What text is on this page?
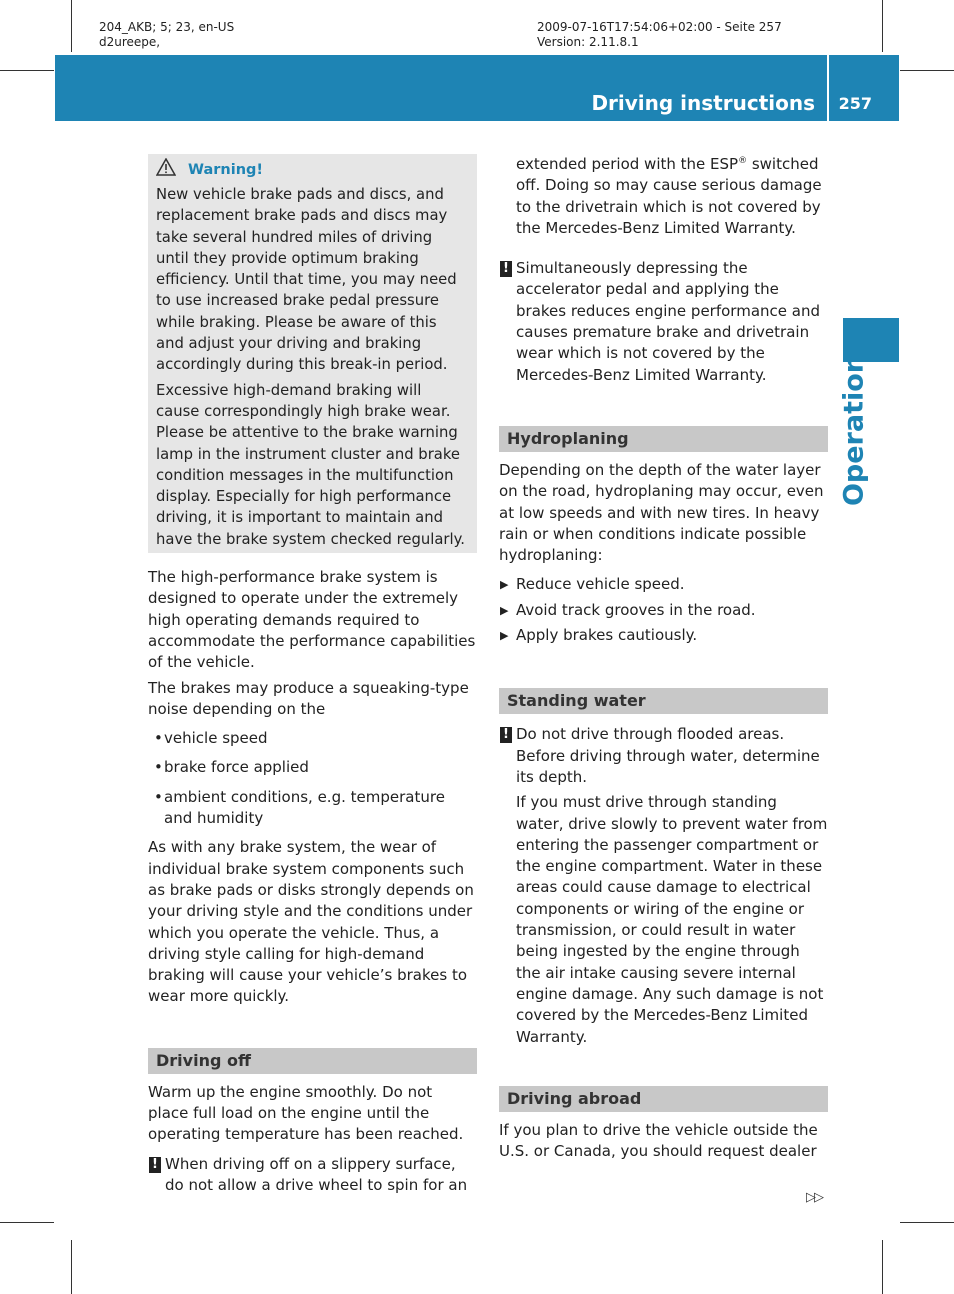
204_AKB; 5; 23, en-US
d2ureepe,
2009-07-16T17:54:06+02:00 - Seite 257
Version: 2.11.8.1
Driving instructions 257
Operation
Warning!

New vehicle brake pads and discs, and replacement brake pads and discs may take several hundred miles of driving until they provide optimum braking efficiency. Until that time, you may need to use increased brake pedal pressure while braking. Please be aware of this and adjust your driving and braking accordingly during this break-in period.

Excessive high-demand braking will cause correspondingly high brake wear. Please be attentive to the brake warning lamp in the instrument cluster and brake condition messages in the multifunction display. Especially for high performance driving, it is important to maintain and have the brake system checked regularly.

The high-performance brake system is designed to operate under the extremely high operating demands required to accommodate the performance capabilities of the vehicle.

The brakes may produce a squeaking-type noise depending on the

• vehicle speed
• brake force applied
• ambient conditions, e.g. temperature and humidity

As with any brake system, the wear of individual brake system components such as brake pads or disks strongly depends on your driving style and the conditions under which you operate the vehicle. Thus, a driving style calling for high-demand braking will cause your vehicle’s brakes to wear more quickly.

Driving off

Warm up the engine smoothly. Do not place full load on the engine until the operating temperature has been reached.

! When driving off on a slippery surface, do not allow a drive wheel to spin for an

extended period with the ESP® switched off. Doing so may cause serious damage to the drivetrain which is not covered by the Mercedes-Benz Limited Warranty.

! Simultaneously depressing the accelerator pedal and applying the brakes reduces engine performance and causes premature brake and drivetrain wear which is not covered by the Mercedes-Benz Limited Warranty.
Hydroplaning

Depending on the depth of the water layer on the road, hydroplaning may occur, even at low speeds and with new tires. In heavy rain or when conditions indicate possible hydroplaning:

▶ Reduce vehicle speed.
▶ Avoid track grooves in the road.
▶ Apply brakes cautiously.
Standing water
! Do not drive through flooded areas. Before driving through water, determine its depth.

If you must drive through standing water, drive slowly to prevent water from entering the passenger compartment or the engine compartment. Water in these areas could cause damage to electrical components or wiring of the engine or transmission, or could result in water being ingested by the engine through the air intake causing severe internal engine damage. Any such damage is not covered by the Mercedes-Benz Limited Warranty.

Driving abroad

If you plan to drive the vehicle outside the U.S. or Canada, you should request dealer

▷▷
